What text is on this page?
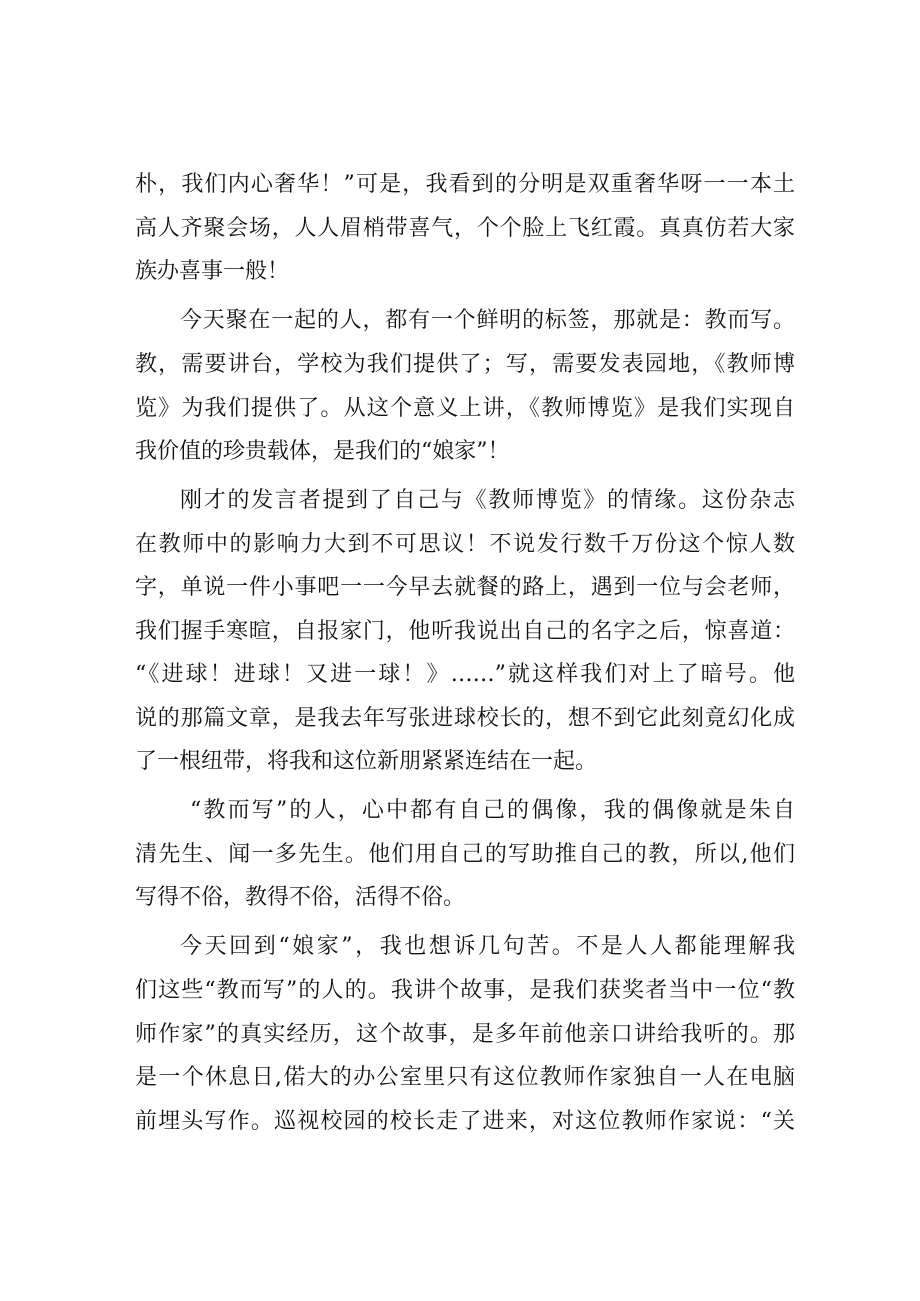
朴，我们内心奢华！”可是，我看到的分明是双重奢华呀一一本土
高人齐聚会场，人人眉梢带喜气，个个脸上飞红霞。真真仿若大家
族办喜事一般！
今天聚在一起的人，都有一个鲜明的标签，那就是：教而写。
教，需要讲台，学校为我们提供了；写，需要发表园地，《教师博
览》为我们提供了。从这个意义上讲，《教师博览》是我们实现自
我价值的珍贵载体，是我们的“娘家”！
刚才的发言者提到了自己与《教师博览》的情缘。这份杂志
在教师中的影响力大到不可思议！不说发行数千万份这个惊人数
字，单说一件小事吧一一今早去就餐的路上，遇到一位与会老师，
我们握手寒暄，自报家门，他听我说出自己的名字之后，惊喜道：
“《进球！进球！又进一球！》……”就这样我们对上了暗号。他
说的那篇文章，是我去年写张进球校长的，想不到它此刻竟幻化成
了一根纽带，将我和这位新朋紧紧连结在一起。
“教而写”的人，心中都有自己的偶像，我的偶像就是朱自
清先生、闻一多先生。他们用自己的写助推自己的教，所以,他们
写得不俗，教得不俗，活得不俗。
今天回到“娘家”，我也想诉几句苦。不是人人都能理解我
们这些“教而写”的人的。我讲个故事，是我们获奖者当中一位“教
师作家”的真实经历，这个故事，是多年前他亲口讲给我听的。那
是一个休息日,偌大的办公室里只有这位教师作家独自一人在电脑
前埋头写作。巡视校园的校长走了进来，对这位教师作家说：“关
